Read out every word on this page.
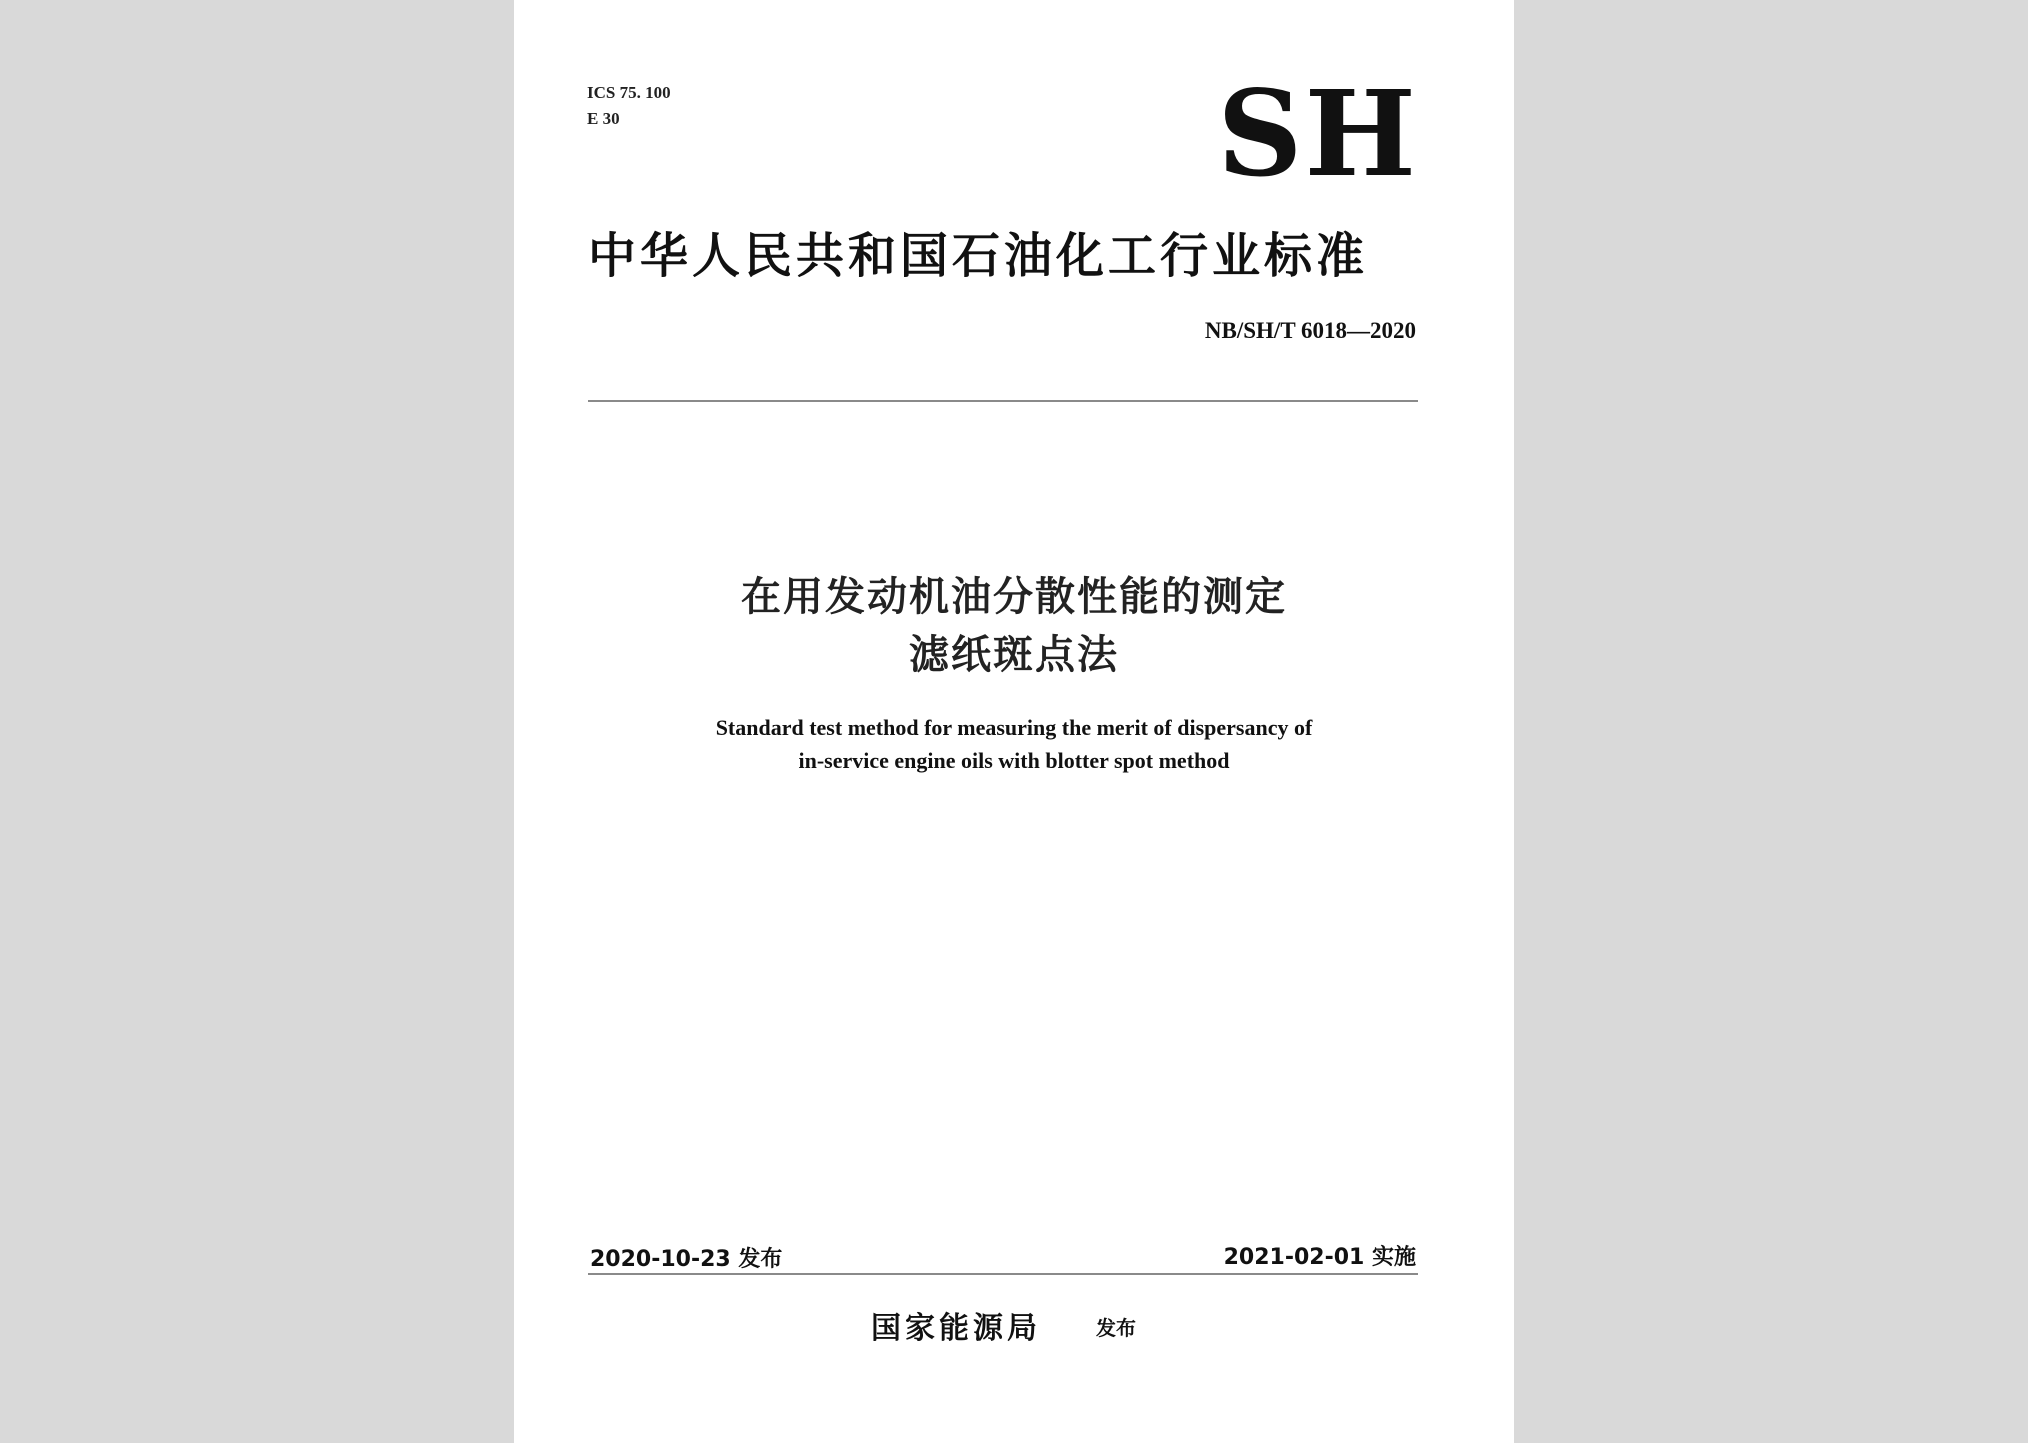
ICS 75. 100
E 30	SH
中华人民共和国石油化工行业标准
NB/SH/T 6018—2020
在用发动机油分散性能的测定
滤纸斑点法
Standard test method for measuring the merit of dispersancy of
in-service engine oils with blotter spot method
2020-10-23 发布	2021-02-01 实施
国家能源局	发布
